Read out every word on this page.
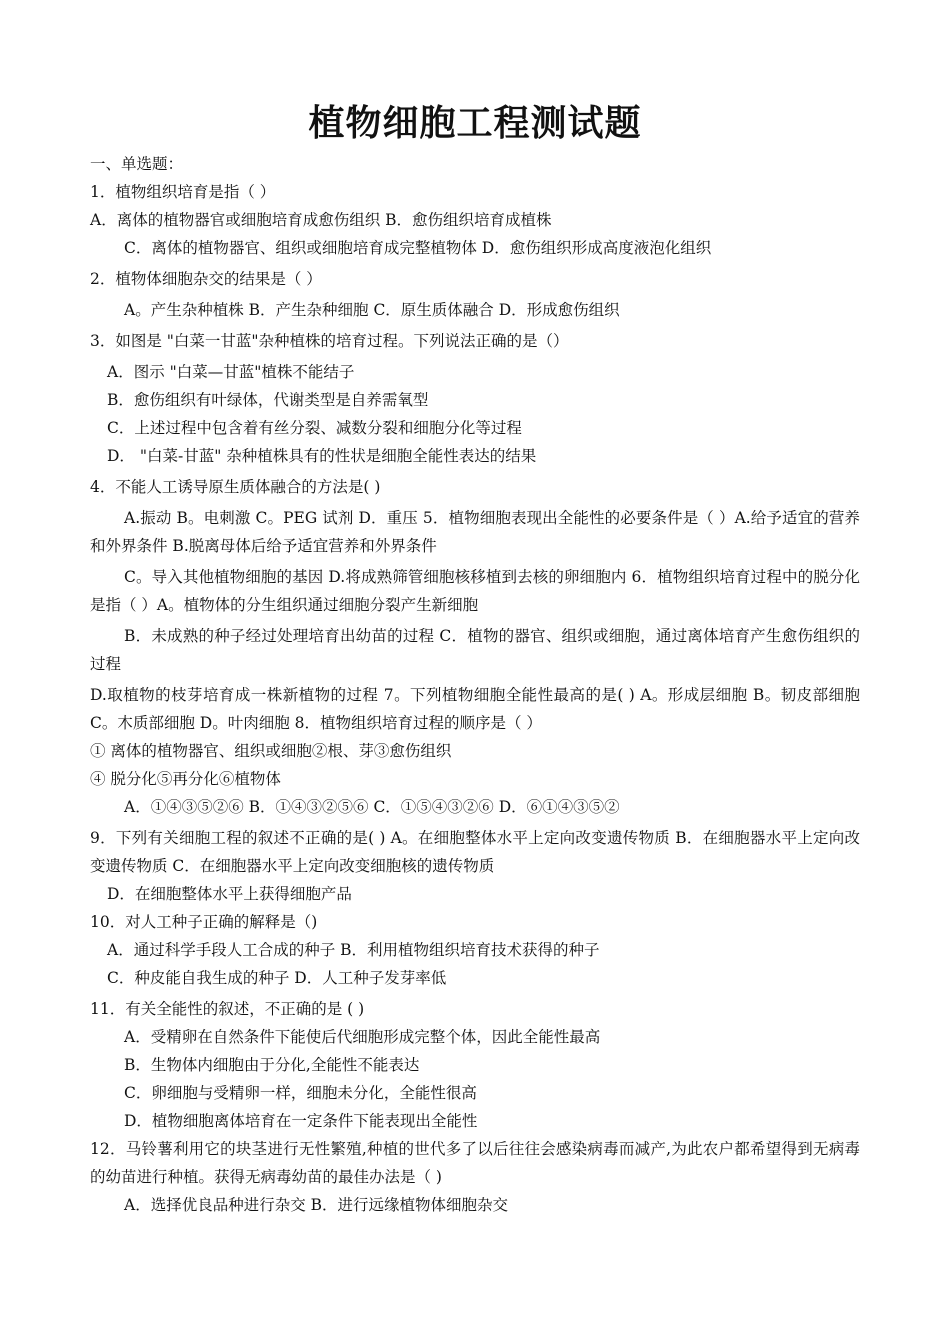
植物细胞工程测试题
一、单选题：
1．植物组织培育是指（ ）
A．离体的植物器官或细胞培育成愈伤组织 B．愈伤组织培育成植株
C．离体的植物器官、组织或细胞培育成完整植物体 D．愈伤组织形成高度液泡化组织
2．植物体细胞杂交的结果是（ ）
A。产生杂种植株 B．产生杂种细胞 C．原生质体融合 D．形成愈伤组织
3．如图是 "白菜一甘蓝"杂种植株的培育过程。下列说法正确的是（）
A．图示 "白菜—甘蓝"植株不能结子
B．愈伤组织有叶绿体，代谢类型是自养需氧型
C．上述过程中包含着有丝分裂、减数分裂和细胞分化等过程
D． "白菜-甘蓝" 杂种植株具有的性状是细胞全能性表达的结果
4．不能人工诱导原生质体融合的方法是( )
A.振动 B。电刺激 C。PEG 试剂 D．重压 5．植物细胞表现出全能性的必要条件是（ ）A.给予适宜的营养和外界条件 B.脱离母体后给予适宜营养和外界条件
C。导入其他植物细胞的基因 D.将成熟筛管细胞核移植到去核的卵细胞内 6．植物组织培育过程中的脱分化是指（ ）A。植物体的分生组织通过细胞分裂产生新细胞
B．未成熟的种子经过处理培育出幼苗的过程 C．植物的器官、组织或细胞，通过离体培育产生愈伤组织的过程
D.取植物的枝芽培育成一株新植物的过程 7。下列植物细胞全能性最高的是( ) A。形成层细胞 B。韧皮部细胞 C。木质部细胞 D。叶肉细胞 8．植物组织培育过程的顺序是（ ）
① 离体的植物器官、组织或细胞②根、芽③愈伤组织
④ 脱分化⑤再分化⑥植物体
A．①④③⑤②⑥ B．①④③②⑤⑥ C．①⑤④③②⑥ D．⑥①④③⑤②
9．下列有关细胞工程的叙述不正确的是( ) A。在细胞整体水平上定向改变遗传物质 B．在细胞器水平上定向改变遗传物质 C．在细胞器水平上定向改变细胞核的遗传物质
D．在细胞整体水平上获得细胞产品
10．对人工种子正确的解释是（)
A．通过科学手段人工合成的种子 B．利用植物组织培育技术获得的种子
C．种皮能自我生成的种子 D．人工种子发芽率低
11．有关全能性的叙述，不正确的是 ( )
A．受精卵在自然条件下能使后代细胞形成完整个体，因此全能性最高
B．生物体内细胞由于分化,全能性不能表达
C．卵细胞与受精卵一样，细胞未分化，全能性很高
D．植物细胞离体培育在一定条件下能表现出全能性
12．马铃薯利用它的块茎进行无性繁殖,种植的世代多了以后往往会感染病毒而减产,为此农户都希望得到无病毒的幼苗进行种植。获得无病毒幼苗的最佳办法是（ )
A．选择优良品种进行杂交 B．进行远缘植物体细胞杂交
